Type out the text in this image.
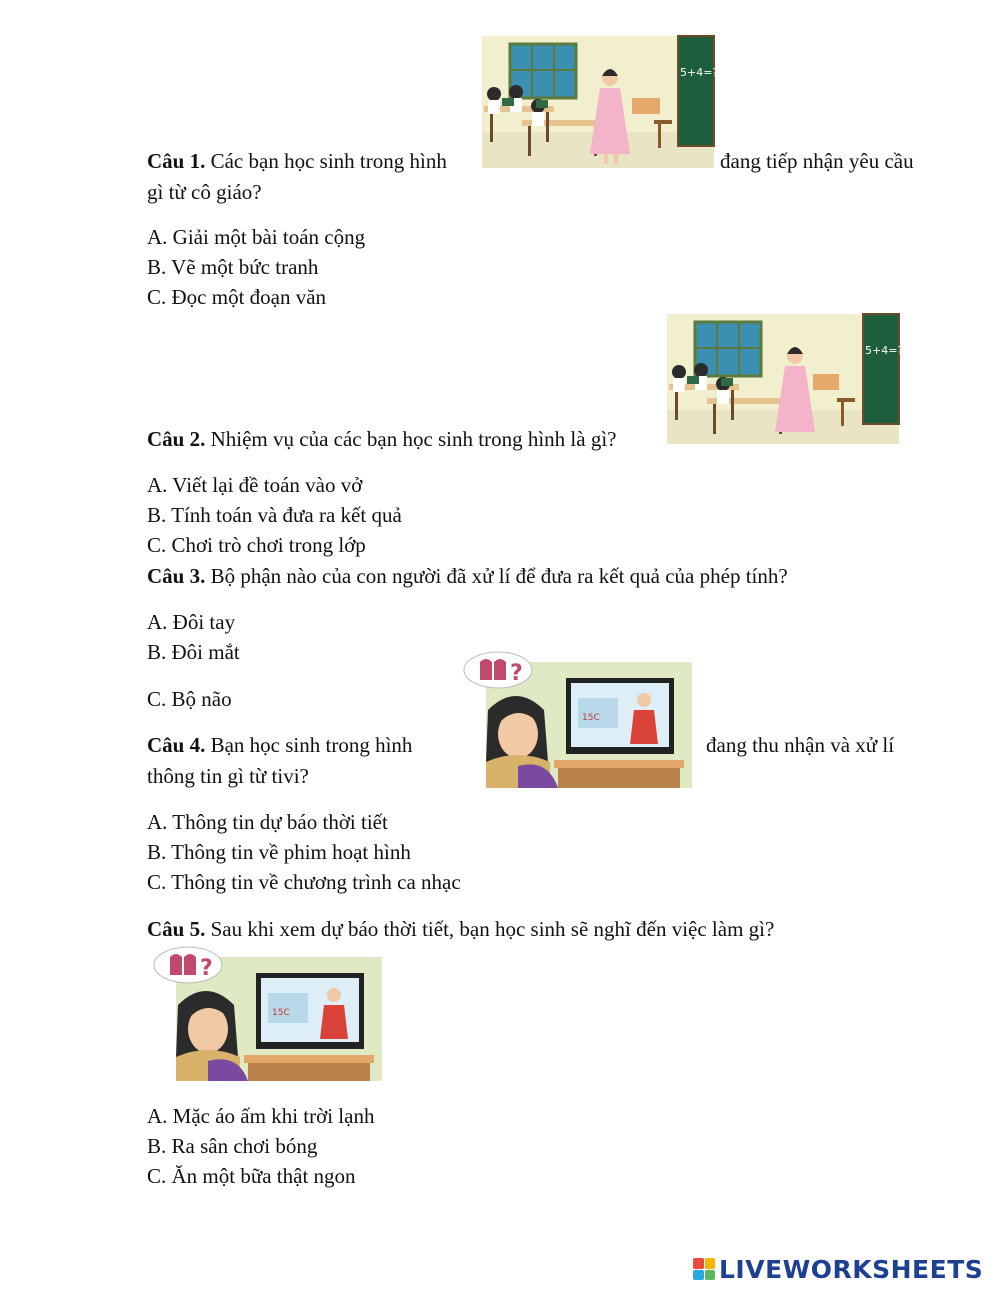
5+4=?
Câu 1. Các bạn học sinh trong hình	đang tiếp nhận yêu cầu
gì từ cô giáo?
A. Giải một bài toán cộng
B. Vẽ một bức tranh
C. Đọc một đoạn văn
5+4=?
Câu 2. Nhiệm vụ của các bạn học sinh trong hình là gì?
A. Viết lại đề toán vào vở
B. Tính toán và đưa ra kết quả
C. Chơi trò chơi trong lớp
Câu 3. Bộ phận nào của con người đã xử lí để đưa ra kết quả của phép tính?
A. Đôi tay
B. Đôi mắt
C. Bộ não
?
15C
Câu 4. Bạn học sinh trong hình	đang thu nhận và xử lí
thông tin gì từ tivi?
A. Thông tin dự báo thời tiết
B. Thông tin về phim hoạt hình
C. Thông tin về chương trình ca nhạc
Câu 5. Sau khi xem dự báo thời tiết, bạn học sinh sẽ nghĩ đến việc làm gì?
?
15C
A. Mặc áo ấm khi trời lạnh
B. Ra sân chơi bóng
C. Ăn một bữa thật ngon
LIVEWORKSHEETS
